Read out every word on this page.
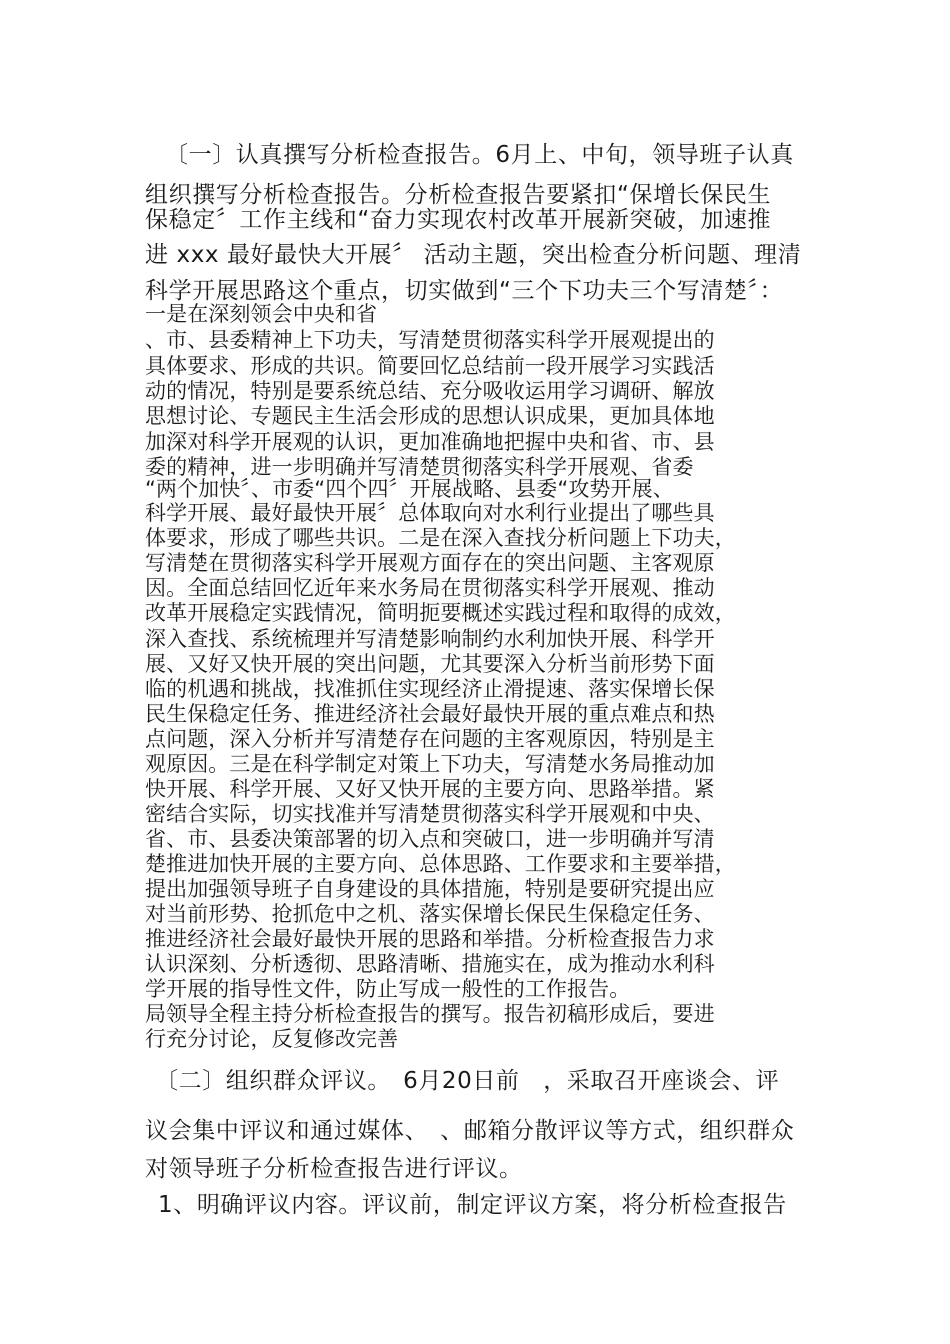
〔一〕认真撰写分析检查报告。6月上、中旬，领导班子认真

组织撰写分析检查报告。分析检查报告要紧扣“保增长保民生

保稳定〞工作主线和“奋力实现农村改革开展新突破，加速推

进 xxx 最好最快大开展〞 活动主题，突出检查分析问题、理清

科学开展思路这个重点，切实做到“三个下功夫三个写清楚〞：

一是在深刻领会中央和省

、市、县委精神上下功夫，写清楚贯彻落实科学开展观提出的

具体要求、形成的共识。简要回忆总结前一段开展学习实践活

动的情况，特别是要系统总结、充分吸收运用学习调研、解放

思想讨论、专题民主生活会形成的思想认识成果，更加具体地

加深对科学开展观的认识，更加准确地把握中央和省、市、县

委的精神，进一步明确并写清楚贯彻落实科学开展观、省委

“两个加快〞、市委“四个四〞开展战略、县委“攻势开展、

科学开展、最好最快开展〞总体取向对水利行业提出了哪些具

体要求，形成了哪些共识。二是在深入查找分析问题上下功夫，

写清楚在贯彻落实科学开展观方面存在的突出问题、主客观原

因。全面总结回忆近年来水务局在贯彻落实科学开展观、推动

改革开展稳定实践情况，简明扼要概述实践过程和取得的成效，

深入查找、系统梳理并写清楚影响制约水利加快开展、科学开

展、又好又快开展的突出问题，尤其要深入分析当前形势下面

临的机遇和挑战，找准抓住实现经济止滑提速、落实保增长保

民生保稳定任务、推进经济社会最好最快开展的重点难点和热

点问题，深入分析并写清楚存在问题的主客观原因，特别是主

观原因。三是在科学制定对策上下功夫，写清楚水务局推动加

快开展、科学开展、又好又快开展的主要方向、思路举措。紧

密结合实际，切实找准并写清楚贯彻落实科学开展观和中央、

省、市、县委决策部署的切入点和突破口，进一步明确并写清

楚推进加快开展的主要方向、总体思路、工作要求和主要举措，

提出加强领导班子自身建设的具体措施，特别是要研究提出应

对当前形势、抢抓危中之机、落实保增长保民生保稳定任务、

推进经济社会最好最快开展的思路和举措。分析检查报告力求

认识深刻、分析透彻、思路清晰、措施实在，成为推动水利科

学开展的指导性文件，防止写成一般性的工作报告。

局领导全程主持分析检查报告的撰写。报告初稿形成后，要进

行充分讨论，反复修改完善

〔二〕组织群众评议。　6月20日前　，采取召开座谈会、评

议会集中评议和通过媒体、　、邮箱分散评议等方式，组织群众

对领导班子分析检查报告进行评议。

1、明确评议内容。评议前，制定评议方案，将分析检查报告
